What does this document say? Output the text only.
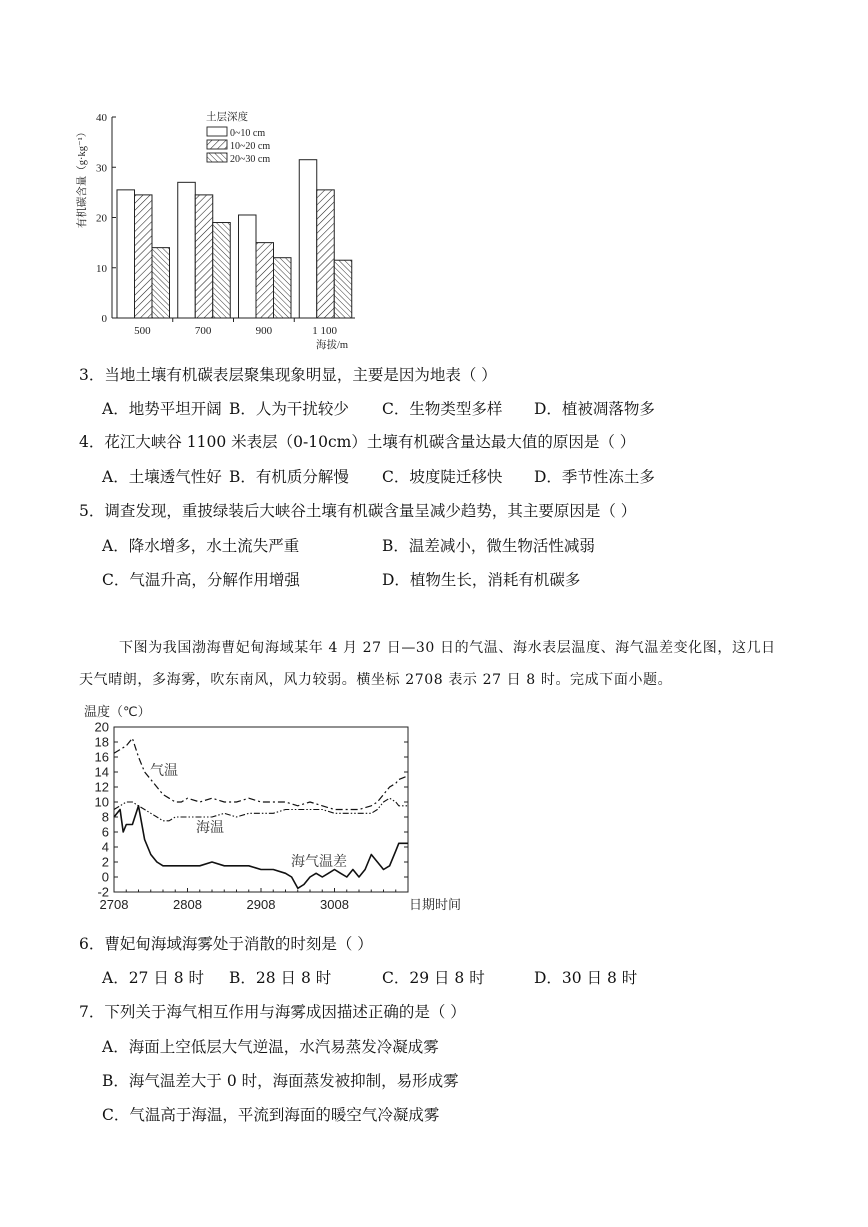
有机碳含量（g·kg⁻¹）
0
10
20
30
40
500	700	900	1 100
海拔/m
土层深度
0~10 cm
10~20 cm
20~30 cm
3．当地土壤有机碳表层聚集现象明显，主要是因为地表（ ）
A．地势平坦开阔 B．人为干扰较少 C．生物类型多样 D．植被凋落物多
4．花江大峡谷 1100 米表层（0-10cm）土壤有机碳含量达最大值的原因是（ ）
A．土壤透气性好 B．有机质分解慢 C．坡度陡迁移快 D．季节性冻土多
5．调查发现，重披绿装后大峡谷土壤有机碳含量呈减少趋势，其主要原因是（ ）
A．降水增多，水土流失严重	B．温差减小，微生物活性减弱
C．气温升高，分解作用增强	D．植物生长，消耗有机碳多
下图为我国渤海曹妃甸海域某年 4 月 27 日—30 日的气温、海水表层温度、海气温差变化图，这几日
天气晴朗，多海雾，吹东南风，风力较弱。横坐标 2708 表示 27 日 8 时。完成下面小题。
温度（℃）
20
18
16
14
12
10
8
6
4
2
0
-2
2708	2808	2908	3008	日期时间
气温
海温
海气温差
6．曹妃甸海域海雾处于消散的时刻是（ ）
A．27 日 8 时 B．28 日 8 时	C．29 日 8 时	D．30 日 8 时
7．下列关于海气相互作用与海雾成因描述正确的是（ ）
A．海面上空低层大气逆温，水汽易蒸发冷凝成雾
B．海气温差大于 0 时，海面蒸发被抑制，易形成雾
C．气温高于海温，平流到海面的暖空气冷凝成雾
